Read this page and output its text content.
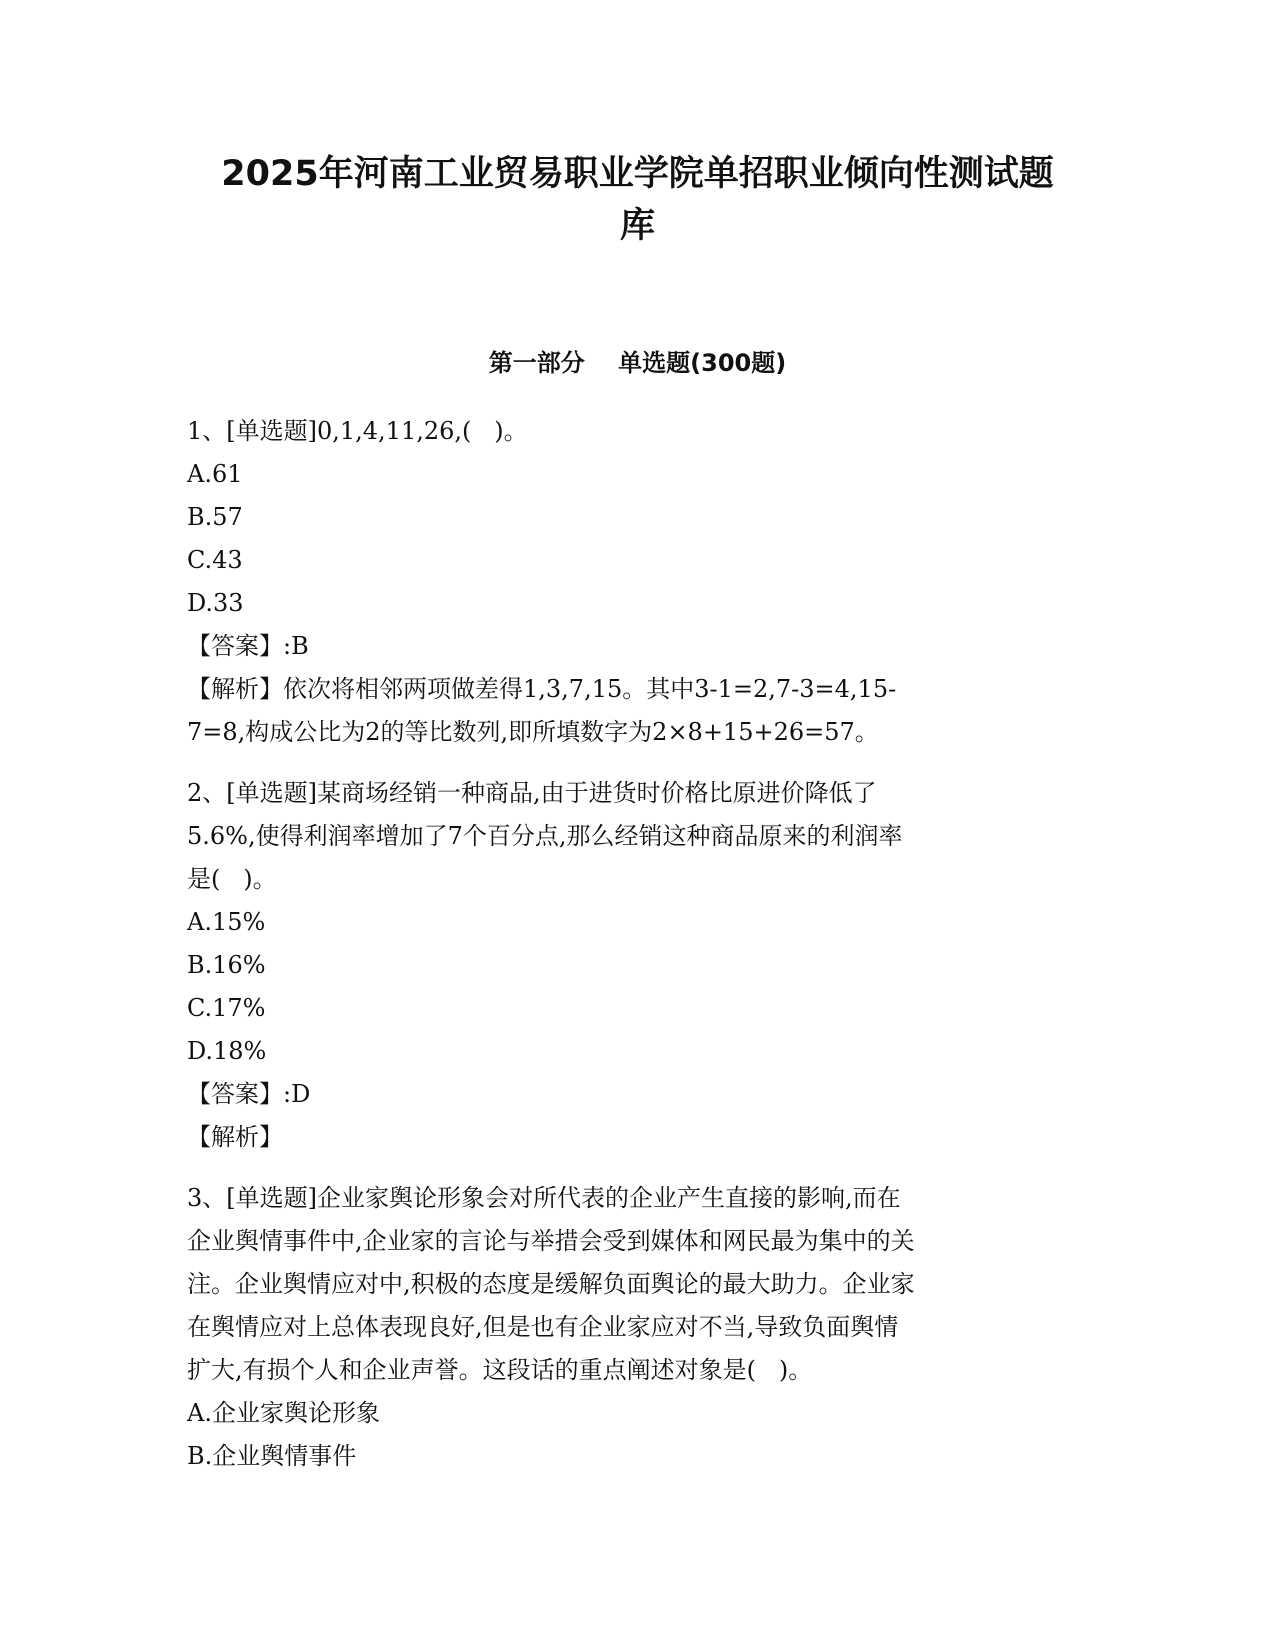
2025年河南工业贸易职业学院单招职业倾向性测试题
库
第一部分    单选题(300题)
1、[单选题]0,1,4,11,26,(   )。
A.61
B.57
C.43
D.33
【答案】:B
【解析】依次将相邻两项做差得1,3,7,15。其中3-1=2,7-3=4,15-
7=8,构成公比为2的等比数列,即所填数字为2×8+15+26=57。
2、[单选题]某商场经销一种商品,由于进货时价格比原进价降低了
5.6%,使得利润率增加了7个百分点,那么经销这种商品原来的利润率
是(   )。
A.15%
B.16%
C.17%
D.18%
【答案】:D
【解析】
3、[单选题]企业家舆论形象会对所代表的企业产生直接的影响,而在
企业舆情事件中,企业家的言论与举措会受到媒体和网民最为集中的关
注。企业舆情应对中,积极的态度是缓解负面舆论的最大助力。企业家
在舆情应对上总体表现良好,但是也有企业家应对不当,导致负面舆情
扩大,有损个人和企业声誉。这段话的重点阐述对象是(   )。
A.企业家舆论形象
B.企业舆情事件
